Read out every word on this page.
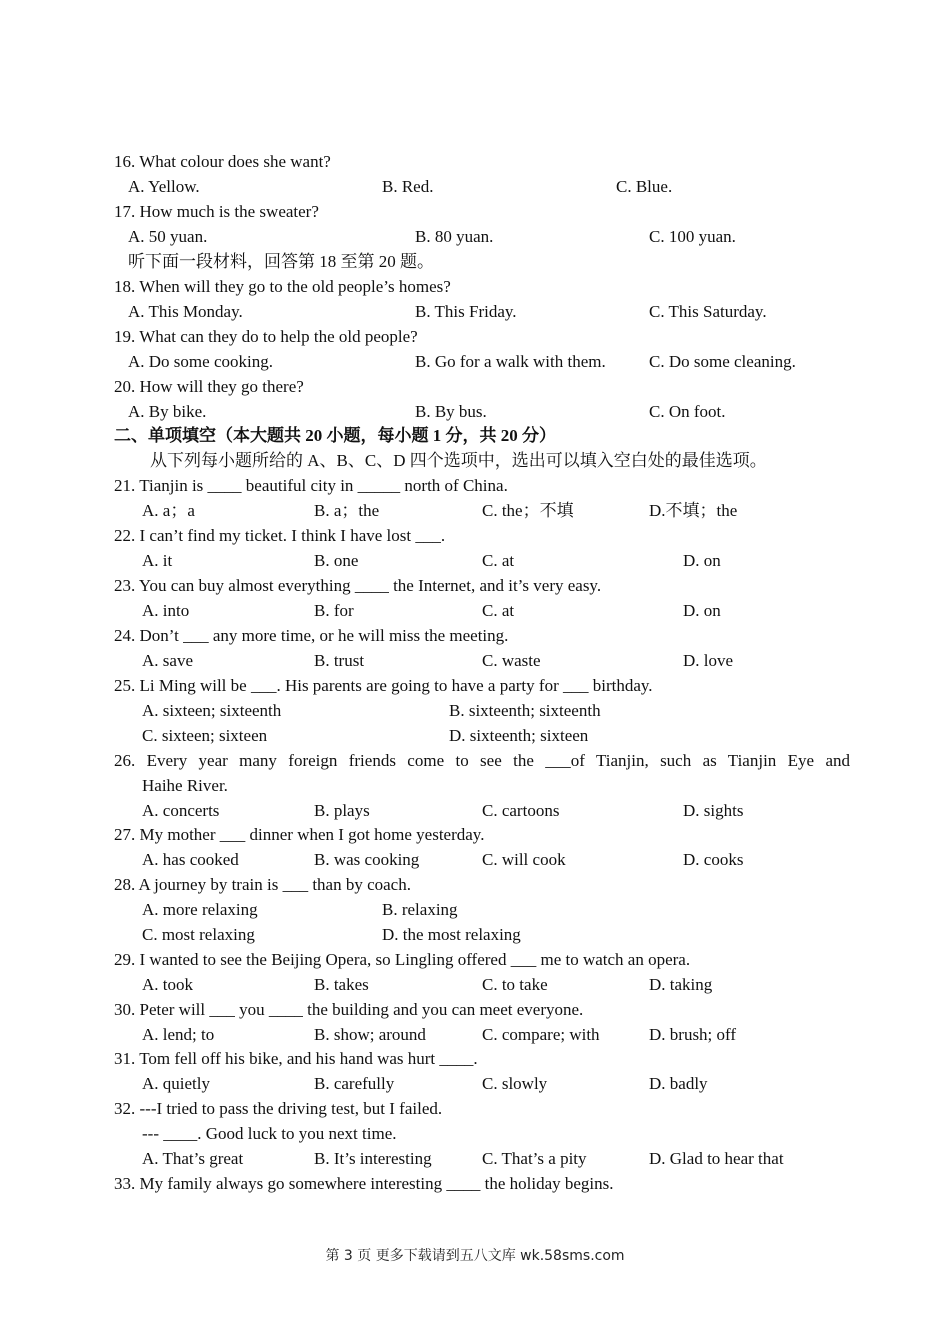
16. What colour does she want?
A. Yellow.	B. Red.	C. Blue.
17. How much is the sweater?
A. 50 yuan.	B. 80 yuan.	C. 100 yuan.
听下面一段材料，回答第 18 至第 20 题。
18. When will they go to the old people’s homes?
A. This Monday.	B. This Friday.	C. This Saturday.
19. What can they do to help the old people?
A. Do some cooking.	B. Go for a walk with them.	C. Do some cleaning.
20. How will they go there?
A. By bike.	B. By bus.	C. On foot.
二、单项填空（本大题共 20 小题，每小题 1 分，共 20 分）
从下列每小题所给的 A、B、C、D 四个选项中，选出可以填入空白处的最佳选项。
21. Tianjin is ____ beautiful city in _____ north of China.
A. a；a	B. a；the	C. the；不填	D.不填；the
22. I can’t find my ticket. I think I have lost ___.
A. it	B. one	C. at	D. on
23. You can buy almost everything ____ the Internet, and it’s very easy.
A. into	B. for	C. at	D. on
24. Don’t ___ any more time, or he will miss the meeting.
A. save	B. trust	C. waste	D. love
25. Li Ming will be ___. His parents are going to have a party for ___ birthday.
A. sixteen; sixteenth	B. sixteenth; sixteenth
C. sixteen; sixteen	D. sixteenth; sixteen
26. Every year many foreign friends come to see the ___of Tianjin, such as Tianjin Eye and
Haihe River.
A. concerts	B. plays	C. cartoons	D. sights
27. My mother ___ dinner when I got home yesterday.
A. has cooked	B. was cooking	C. will cook	D. cooks
28. A journey by train is ___ than by coach.
A. more relaxing	B. relaxing
C. most relaxing	D. the most relaxing
29. I wanted to see the Beijing Opera, so Lingling offered ___ me to watch an opera.
A. took	B. takes	C. to take	D. taking
30. Peter will ___ you ____ the building and you can meet everyone.
A. lend; to	B. show; around	C. compare; with	D. brush; off
31. Tom fell off his bike, and his hand was hurt ____.
A. quietly	B. carefully	C. slowly	D. badly
32. ---I tried to pass the driving test, but I failed.
--- ____. Good luck to you next time.
A. That’s great	B. It’s interesting	C. That’s a pity	D. Glad to hear that
33. My family always go somewhere interesting ____ the holiday begins.
第 3 页 更多下载请到五八文库 wk.58sms.com
